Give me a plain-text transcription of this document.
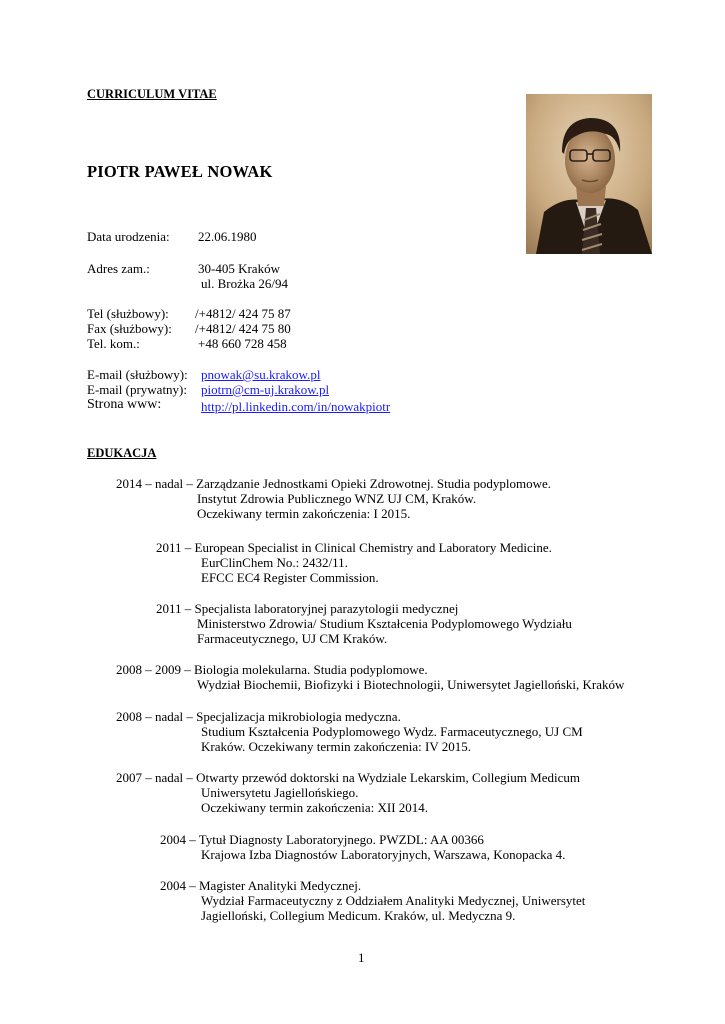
CURRICULUM VITAE
PIOTR PAWEŁ NOWAK
Data urodzenia: 22.06.1980
Adres zam.:	30-405 Kraków
ul. Brożka 26/94
Tel (służbowy): /+4812/ 424 75 87
Fax (służbowy): /+4812/ 424 75 80
Tel. kom.:	+48 660 728 458
E-mail (służbowy): pnowak@su.krakow.pl
E-mail (prywatny): piotrn@cm-uj.krakow.pl
Strona www:	http://pl.linkedin.com/in/nowakpiotr
EDUKACJA
2014 – nadal – Zarządzanie Jednostkami Opieki Zdrowotnej. Studia podyplomowe.
Instytut Zdrowia Publicznego WNZ UJ CM, Kraków.
Oczekiwany termin zakończenia: I 2015.
2011 – European Specialist in Clinical Chemistry and Laboratory Medicine.
EurClinChem No.: 2432/11.
EFCC EC4 Register Commission.
2011 – Specjalista laboratoryjnej parazytologii medycznej
Ministerstwo Zdrowia/ Studium Kształcenia Podyplomowego Wydziału
Farmaceutycznego, UJ CM Kraków.
2008 – 2009 – Biologia molekularna. Studia podyplomowe.
Wydział Biochemii, Biofizyki i Biotechnologii, Uniwersytet Jagielloński, Kraków
2008 – nadal – Specjalizacja mikrobiologia medyczna.
Studium Kształcenia Podyplomowego Wydz. Farmaceutycznego, UJ CM
Kraków. Oczekiwany termin zakończenia: IV 2015.
2007 – nadal – Otwarty przewód doktorski na Wydziale Lekarskim, Collegium Medicum
Uniwersytetu Jagiellońskiego.
Oczekiwany termin zakończenia: XII 2014.
2004 – Tytuł Diagnosty Laboratoryjnego. PWZDL: AA 00366
Krajowa Izba Diagnostów Laboratoryjnych, Warszawa, Konopacka 4.
2004 – Magister Analityki Medycznej.
Wydział Farmaceutyczny z Oddziałem Analityki Medycznej, Uniwersytet
Jagielloński, Collegium Medicum. Kraków, ul. Medyczna 9.
1
